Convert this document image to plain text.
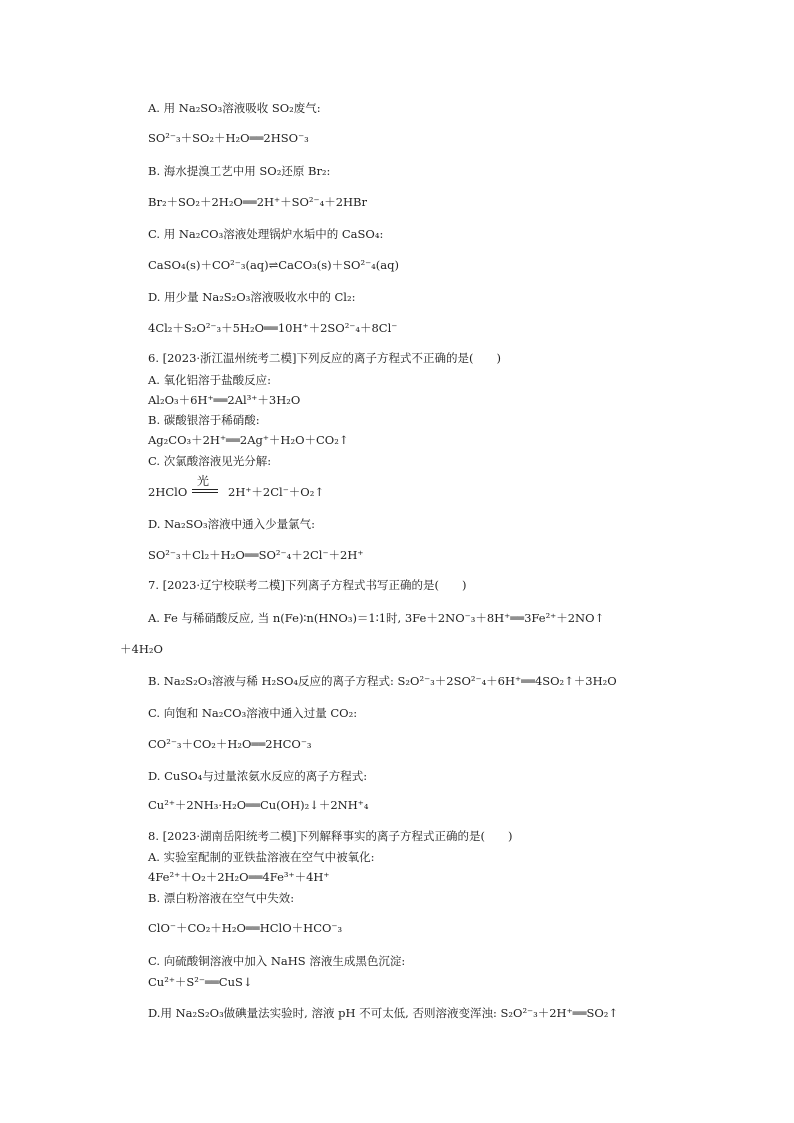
A. 用 Na₂SO₃溶液吸收 SO₂废气:
SO²⁻₃＋SO₂＋H₂O══2HSO⁻₃
B. 海水提溴工艺中用 SO₂还原 Br₂:
Br₂＋SO₂＋2H₂O══2H⁺＋SO²⁻₄＋2HBr
C. 用 Na₂CO₃溶液处理锅炉水垢中的 CaSO₄:
CaSO₄(s)＋CO²⁻₃(aq)⇌CaCO₃(s)＋SO²⁻₄(aq)
D. 用少量 Na₂S₂O₃溶液吸收水中的 Cl₂:
4Cl₂＋S₂O²⁻₃＋5H₂O══10H⁺＋2SO²⁻₄＋8Cl⁻
6. [2023·浙江温州统考二模]下列反应的离子方程式不正确的是(　　)
A. 氧化铝溶于盐酸反应:
Al₂O₃＋6H⁺══2Al³⁺＋3H₂O
B. 碳酸银溶于稀硝酸:
Ag₂CO₃＋2H⁺══2Ag⁺＋H₂O＋CO₂↑
C. 次氯酸溶液见光分解:
2HClO
光
2H⁺＋2Cl⁻＋O₂↑
D. Na₂SO₃溶液中通入少量氯气:
SO²⁻₃＋Cl₂＋H₂O══SO²⁻₄＋2Cl⁻＋2H⁺
7. [2023·辽宁校联考二模]下列离子方程式书写正确的是(　　)
A. Fe 与稀硝酸反应, 当 n(Fe)∶n(HNO₃)＝1∶1时, 3Fe＋2NO⁻₃＋8H⁺══3Fe²⁺＋2NO↑
＋4H₂O
B. Na₂S₂O₃溶液与稀 H₂SO₄反应的离子方程式: S₂O²⁻₃＋2SO²⁻₄＋6H⁺══4SO₂↑＋3H₂O
C. 向饱和 Na₂CO₃溶液中通入过量 CO₂:
CO²⁻₃＋CO₂＋H₂O══2HCO⁻₃
D. CuSO₄与过量浓氨水反应的离子方程式:
Cu²⁺＋2NH₃·H₂O══Cu(OH)₂↓＋2NH⁺₄
8. [2023·湖南岳阳统考二模]下列解释事实的离子方程式正确的是(　　)
A. 实验室配制的亚铁盐溶液在空气中被氧化:
4Fe²⁺＋O₂＋2H₂O══4Fe³⁺＋4H⁺
B. 漂白粉溶液在空气中失效:
ClO⁻＋CO₂＋H₂O══HClO＋HCO⁻₃
C. 向硫酸铜溶液中加入 NaHS 溶液生成黑色沉淀:
Cu²⁺＋S²⁻══CuS↓
D.用 Na₂S₂O₃做碘量法实验时, 溶液 pH 不可太低, 否则溶液变浑浊: S₂O²⁻₃＋2H⁺══SO₂↑
